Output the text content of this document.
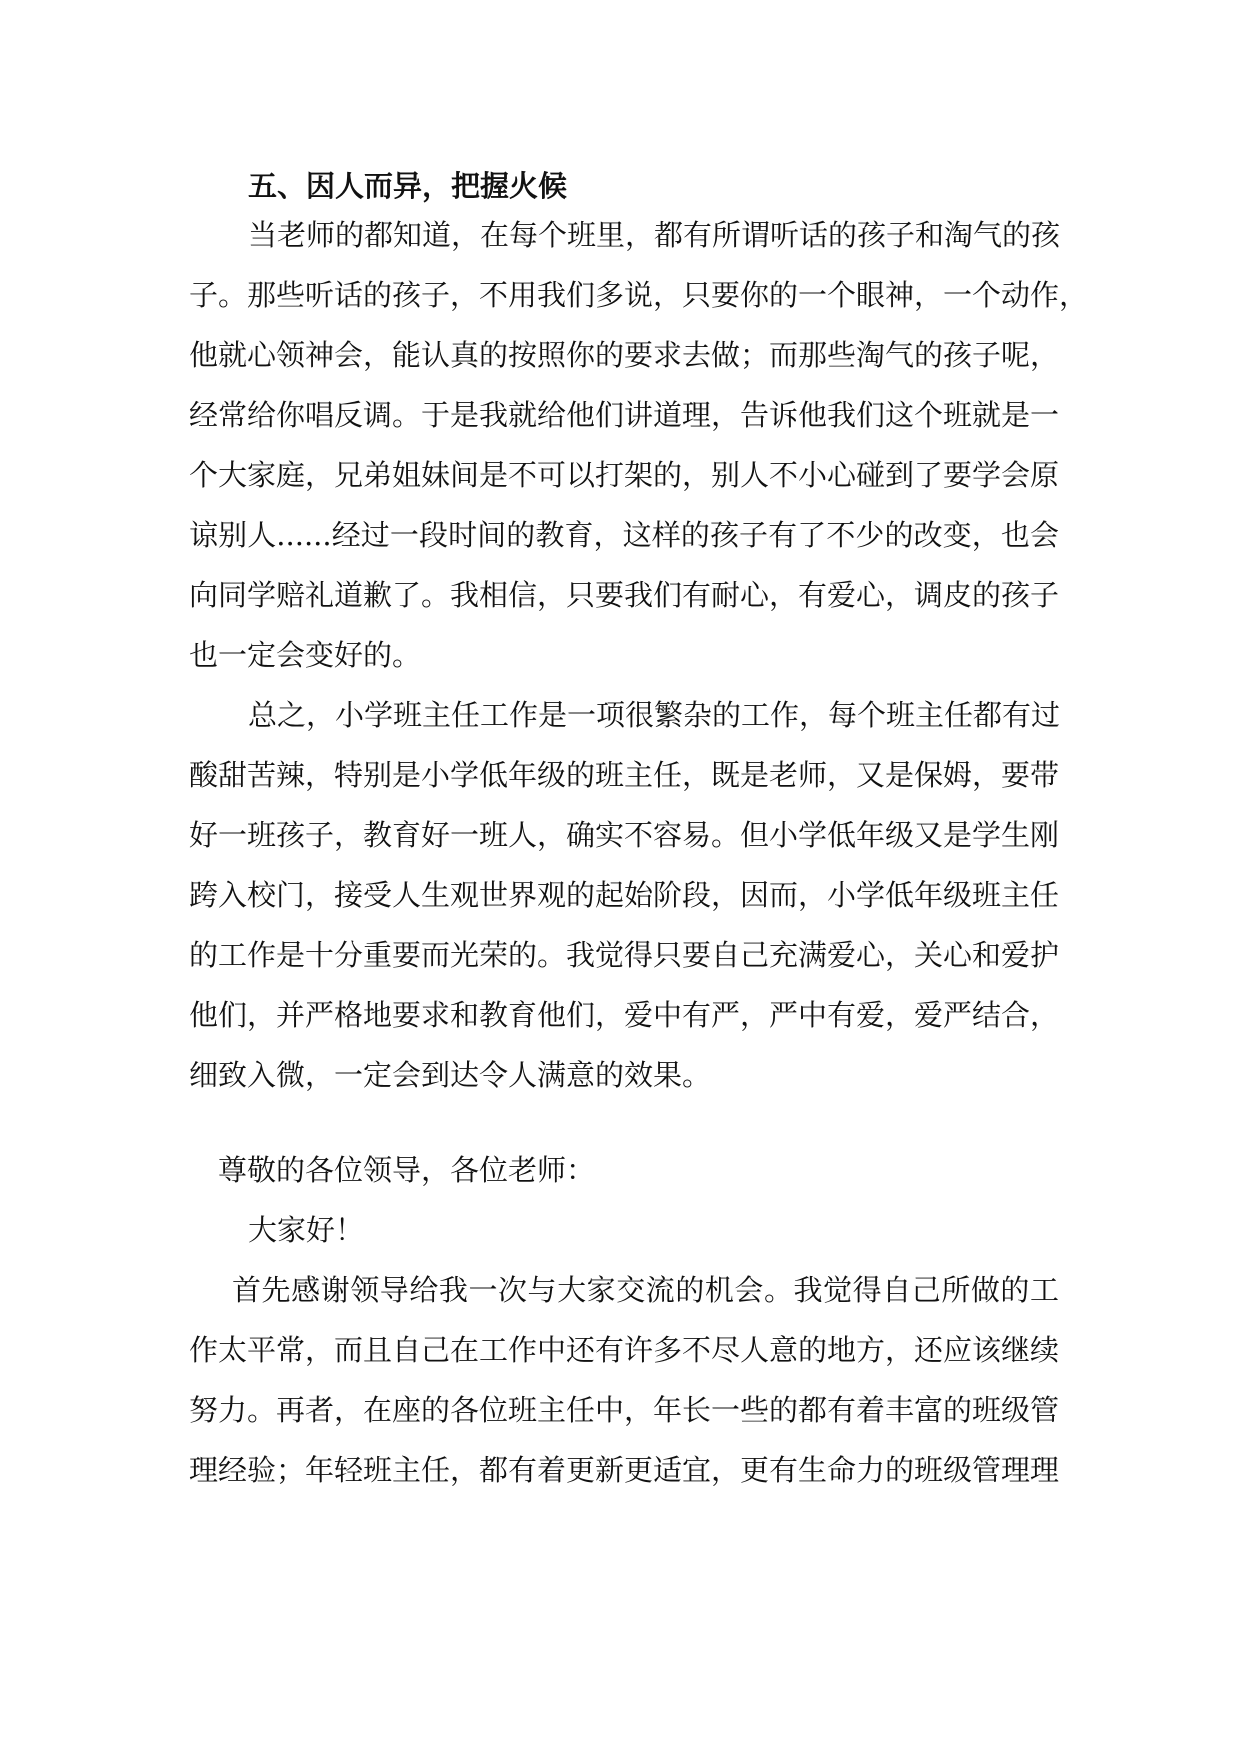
五、因人而异，把握火候
当老师的都知道，在每个班里，都有所谓听话的孩子和淘气的孩
子。那些听话的孩子，不用我们多说，只要你的一个眼神，一个动作，
他就心领神会，能认真的按照你的要求去做；而那些淘气的孩子呢，
经常给你唱反调。于是我就给他们讲道理，告诉他我们这个班就是一
个大家庭，兄弟姐妹间是不可以打架的，别人不小心碰到了要学会原
谅别人......经过一段时间的教育，这样的孩子有了不少的改变，也会
向同学赔礼道歉了。我相信，只要我们有耐心，有爱心，调皮的孩子
也一定会变好的。
总之，小学班主任工作是一项很繁杂的工作，每个班主任都有过
酸甜苦辣，特别是小学低年级的班主任，既是老师，又是保姆，要带
好一班孩子，教育好一班人，确实不容易。但小学低年级又是学生刚
跨入校门，接受人生观世界观的起始阶段，因而，小学低年级班主任
的工作是十分重要而光荣的。我觉得只要自己充满爱心，关心和爱护
他们，并严格地要求和教育他们，爱中有严，严中有爱，爱严结合，
细致入微，一定会到达令人满意的效果。
尊敬的各位领导，各位老师：
大家好！
首先感谢领导给我一次与大家交流的机会。我觉得自己所做的工
作太平常，而且自己在工作中还有许多不尽人意的地方，还应该继续
努力。再者，在座的各位班主任中，年长一些的都有着丰富的班级管
理经验；年轻班主任，都有着更新更适宜，更有生命力的班级管理理
